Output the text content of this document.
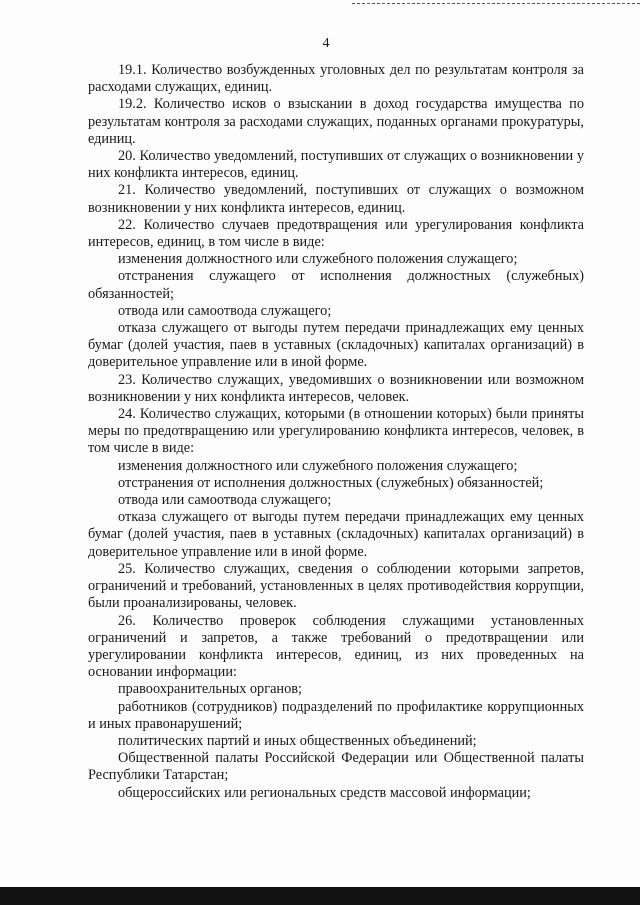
4

19.1. Количество возбужденных уголовных дел по результатам контроля за расходами служащих, единиц.

19.2. Количество исков о взыскании в доход государства имущества по результатам контроля за расходами служащих, поданных органами прокуратуры, единиц.

20. Количество уведомлений, поступивших от служащих о возникновении у них конфликта интересов, единиц.

21. Количество уведомлений, поступивших от служащих о возможном возникновении у них конфликта интересов, единиц.

22. Количество случаев предотвращения или урегулирования конфликта интересов, единиц, в том числе в виде:

изменения должностного или служебного положения служащего;

отстранения служащего от исполнения должностных (служебных) обязанностей;

отвода или самоотвода служащего;

отказа служащего от выгоды путем передачи принадлежащих ему ценных бумаг (долей участия, паев в уставных (складочных) капиталах организаций) в доверительное управление или в иной форме.

23. Количество служащих, уведомивших о возникновении или возможном возникновении у них конфликта интересов, человек.

24. Количество служащих, которыми (в отношении которых) были приняты меры по предотвращению или урегулированию конфликта интересов, человек, в том числе в виде:

изменения должностного или служебного положения служащего;

отстранения от исполнения должностных (служебных) обязанностей;

отвода или самоотвода служащего;

отказа служащего от выгоды путем передачи принадлежащих ему ценных бумаг (долей участия, паев в уставных (складочных) капиталах организаций) в доверительное управление или в иной форме.

25. Количество служащих, сведения о соблюдении которыми запретов, ограничений и требований, установленных в целях противодействия коррупции, были проанализированы, человек.

26. Количество проверок соблюдения служащими установленных ограничений и запретов, а также требований о предотвращении или урегулировании конфликта интересов, единиц, из них проведенных на основании информации:

правоохранительных органов;

работников (сотрудников) подразделений по профилактике коррупционных и иных правонарушений;

политических партий и иных общественных объединений;

Общественной палаты Российской Федерации или Общественной палаты Республики Татарстан;

общероссийских или региональных средств массовой информации;
